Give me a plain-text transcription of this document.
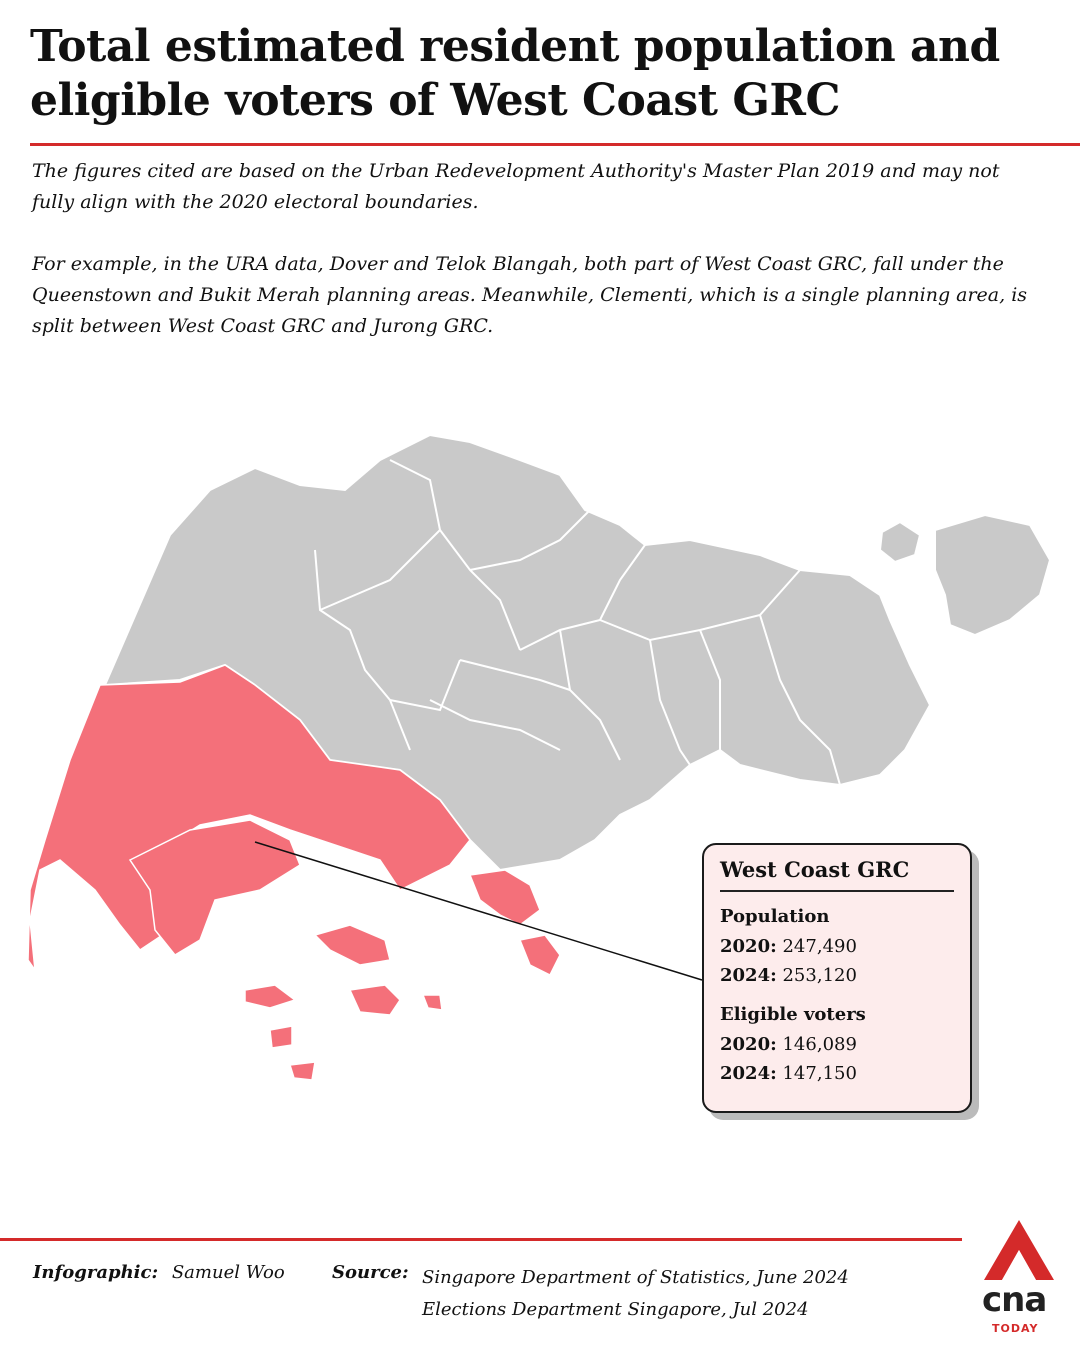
Total estimated resident population and eligible voters of West Coast GRC

The figures cited are based on the Urban Redevelopment Authority's Master Plan 2019 and may not fully align with the 2020 electoral boundaries.

For example, in the URA data, Dover and Telok Blangah, both part of West Coast GRC, fall under the Queenstown and Bukit Merah planning areas. Meanwhile, Clementi, which is a single planning area, is split between West Coast GRC and Jurong GRC.

West Coast GRC
Population
2020: 247,490
2024: 253,120
Eligible voters
2020: 146,089
2024: 147,150
Infographic: Samuel Woo	Source: Singapore Department of Statistics, June 2024
Elections Department Singapore, Jul 2024	cna
TODAY
